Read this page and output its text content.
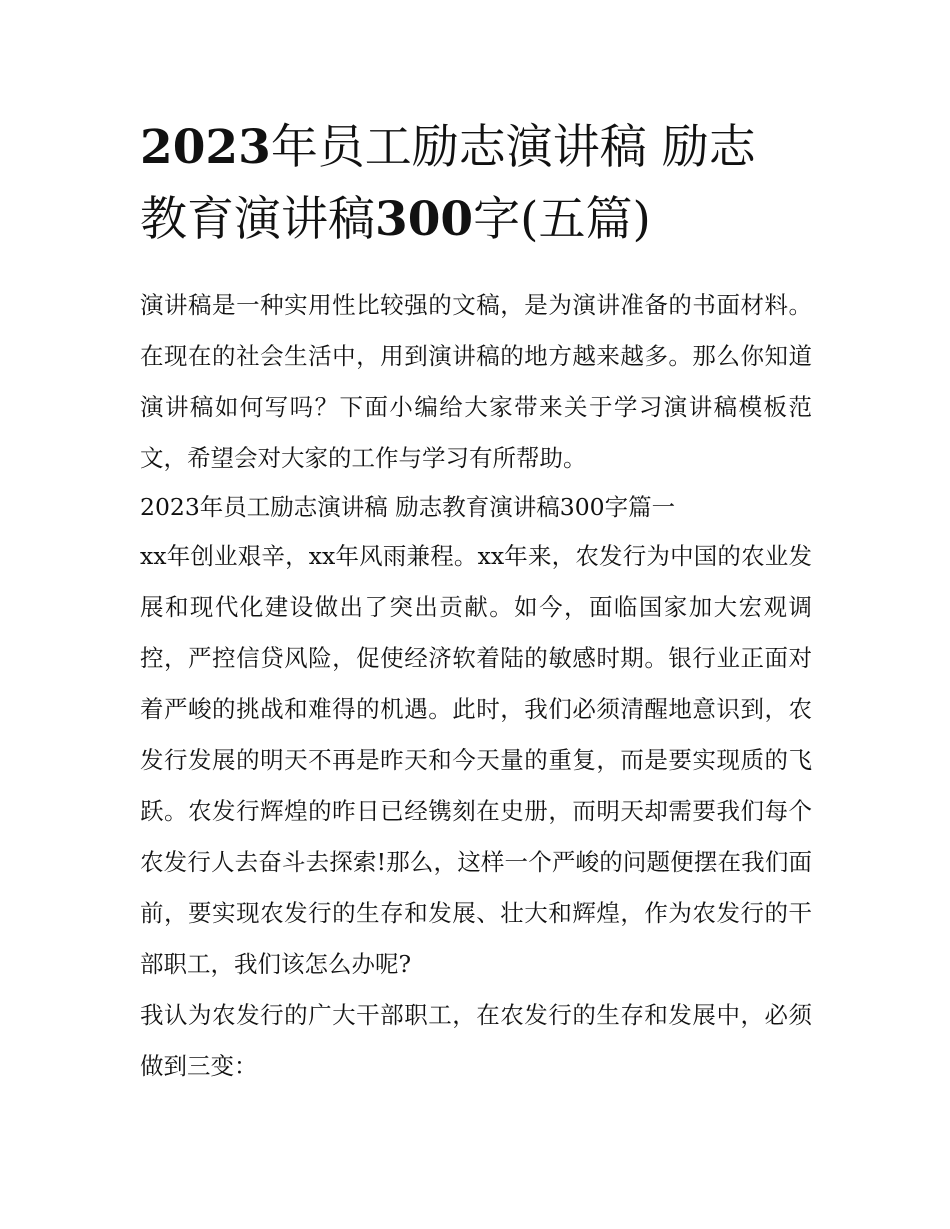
2023年员工励志演讲稿 励志
教育演讲稿300字(五篇)

演讲稿是一种实用性比较强的文稿，是为演讲准备的书面材料。在现在的社会生活中，用到演讲稿的地方越来越多。那么你知道演讲稿如何写吗？下面小编给大家带来关于学习演讲稿模板范文，希望会对大家的工作与学习有所帮助。

2023年员工励志演讲稿 励志教育演讲稿300字篇一

xx年创业艰辛，xx年风雨兼程。xx年来，农发行为中国的农业发展和现代化建设做出了突出贡献。如今，面临国家加大宏观调控，严控信贷风险，促使经济软着陆的敏感时期。银行业正面对着严峻的挑战和难得的机遇。此时，我们必须清醒地意识到，农发行发展的明天不再是昨天和今天量的重复，而是要实现质的飞跃。农发行辉煌的昨日已经镌刻在史册，而明天却需要我们每个农发行人去奋斗去探索!那么，这样一个严峻的问题便摆在我们面前，要实现农发行的生存和发展、壮大和辉煌，作为农发行的干部职工，我们该怎么办呢?

我认为农发行的广大干部职工，在农发行的生存和发展中，必须做到三变：
